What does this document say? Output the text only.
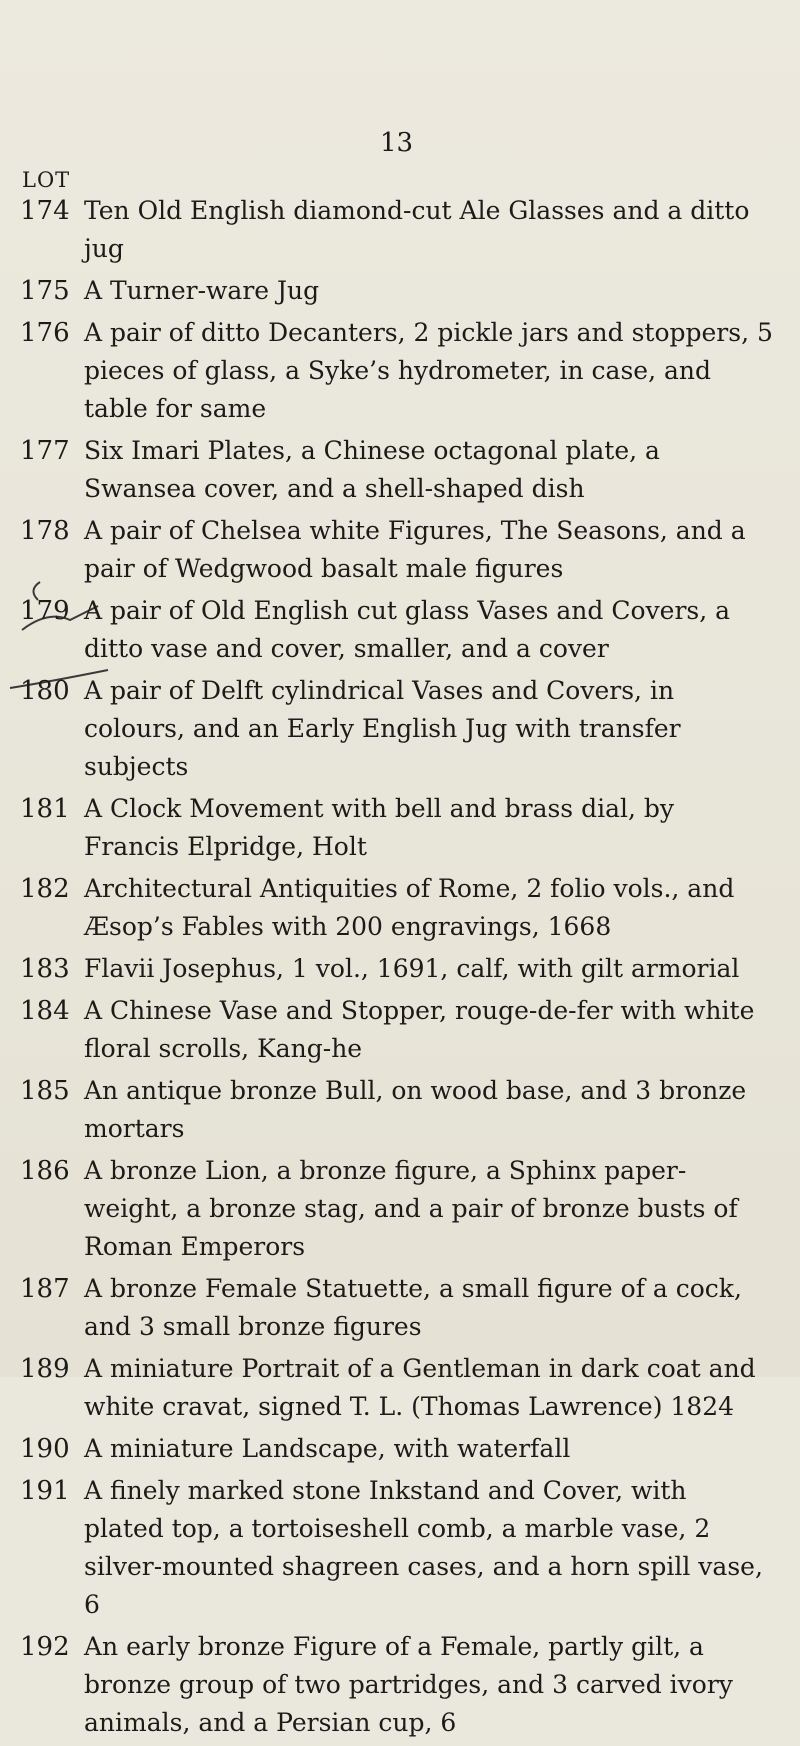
13
LOT
174 Ten Old English diamond-cut Ale Glasses and a ditto jug
175 A Turner-ware Jug
176 A pair of ditto Decanters, 2 pickle jars and stoppers, 5 pieces of glass, a Syke’s hydrometer, in case, and table for same
177 Six Imari Plates, a Chinese octagonal plate, a Swansea cover, and a shell-shaped dish
178 A pair of Chelsea white Figures, The Seasons, and a pair of Wedgwood basalt male figures
179 A pair of Old English cut glass Vases and Covers, a ditto vase and cover, smaller, and a cover
180 A pair of Delft cylindrical Vases and Covers, in colours, and an Early English Jug with transfer subjects
181 A Clock Movement with bell and brass dial, by Francis Elpridge, Holt
182 Architectural Antiquities of Rome, 2 folio vols., and Æsop’s Fables with 200 engravings, 1668
183 Flavii Josephus, 1 vol., 1691, calf, with gilt armorial
184 A Chinese Vase and Stopper, rouge-de-fer with white floral scrolls, Kang-he
185 An antique bronze Bull, on wood base, and 3 bronze mortars
186 A bronze Lion, a bronze figure, a Sphinx paper-weight, a bronze stag, and a pair of bronze busts of Roman Emperors
187 A bronze Female Statuette, a small figure of a cock, and 3 small bronze figures
189 A miniature Portrait of a Gentleman in dark coat and white cravat, signed T. L. (Thomas Lawrence) 1824
190 A miniature Landscape, with waterfall
191 A finely marked stone Inkstand and Cover, with plated top, a tortoiseshell comb, a marble vase, 2 silver-mounted shagreen cases, and a horn spill vase, 6
192 An early bronze Figure of a Female, partly gilt, a bronze group of two partridges, and 3 carved ivory animals, and a Persian cup, 6
